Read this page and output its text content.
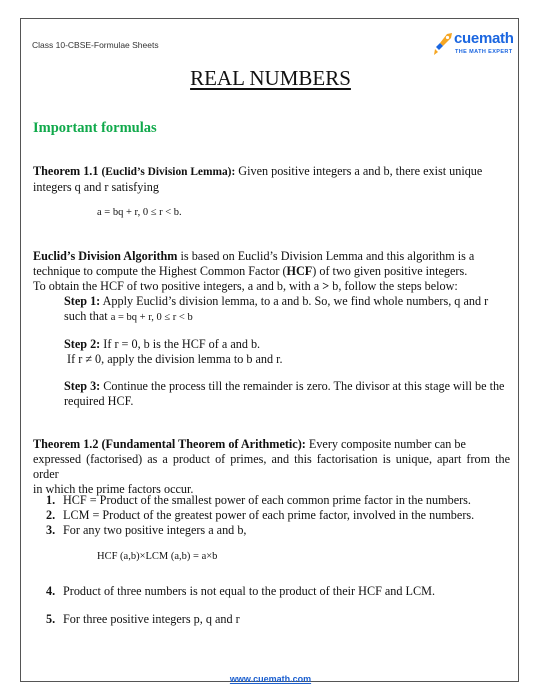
Class 10-CBSE-Formulae Sheets	cuemath
THE MATH EXPERT
REAL NUMBERS
Important formulas
Theorem 1.1 (Euclid’s Division Lemma): Given positive integers a and b, there exist unique
integers q and r satisfying
a = bq + r, 0 ≤ r < b.
Euclid’s Division Algorithm is based on Euclid’s Division Lemma and this algorithm is a
technique to compute the Highest Common Factor (HCF) of two given positive integers.
To obtain the HCF of two positive integers, a and b, with a > b, follow the steps below:
Step 1: Apply Euclid’s division lemma, to a and b. So, we find whole numbers, q and r
such that a = bq + r, 0 ≤ r < b
Step 2: If r = 0, b is the HCF of a and b.
If r ≠ 0, apply the division lemma to b and r.
Step 3: Continue the process till the remainder is zero. The divisor at this stage will be the
required HCF.
Theorem 1.2 (Fundamental Theorem of Arithmetic): Every composite number can be
expressed (factorised) as a product of primes, and this factorisation is unique, apart from the order
in which the prime factors occur.
1. HCF = Product of the smallest power of each common prime factor in the numbers.
2. LCM = Product of the greatest power of each prime factor, involved in the numbers.
3. For any two positive integers a and b,
HCF (a,b)×LCM (a,b) = a×b
4. Product of three numbers is not equal to the product of their HCF and LCM.
5. For three positive integers p, q and r
www.cuemath.com
